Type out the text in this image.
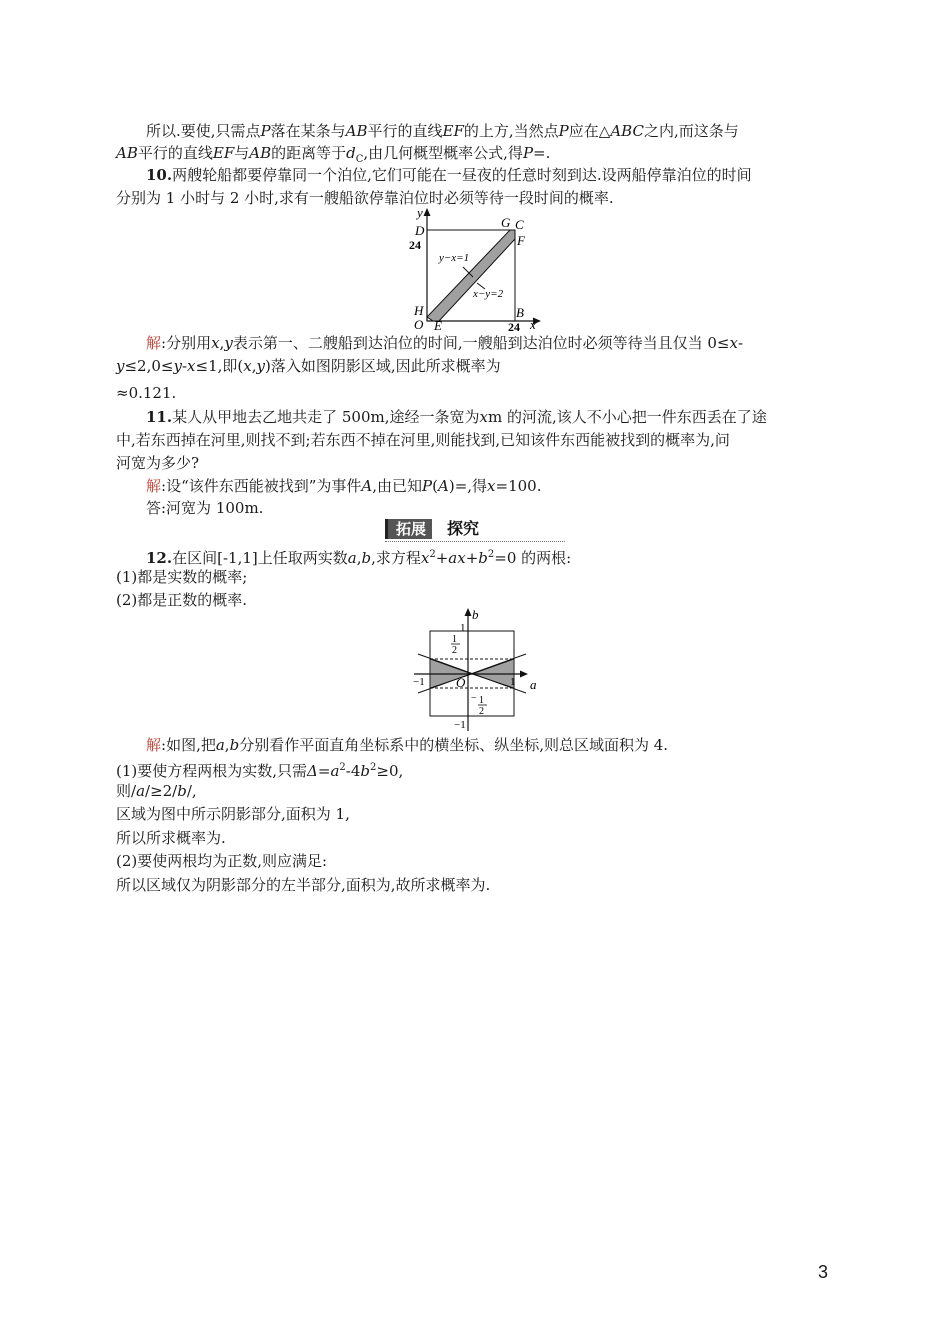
所以.要使,只需点P落在某条与AB平行的直线EF的上方,当然点P应在△ABC之内,而这条与
AB平行的直线EF与AB的距离等于$d_C$,由几何概型概率公式,得P=.
10.两艘轮船都要停靠同一个泊位,它们可能在一昼夜的任意时刻到达.设两船停靠泊位的时间
分别为 1 小时与 2 小时,求有一艘船欲停靠泊位时必须等待一段时间的概率.
y
D
G C
F
24
y−x=1
x−y=2
H
O E
B
24 x
解:分别用x,y表示第一、二艘船到达泊位的时间,一艘船到达泊位时必须等待当且仅当 0≤x-
y≤2,0≤y-x≤1,即(x,y)落入如图阴影区域,因此所求概率为
≈0.121.
11.某人从甲地去乙地共走了 500m,途经一条宽为xm 的河流,该人不小心把一件东西丢在了途
中,若东西掉在河里,则找不到;若东西不掉在河里,则能找到,已知该件东西能被找到的概率为,问
河宽为多少?
解:设“该件东西能被找到”为事件A,由已知P(A)=,得x=100.
答:河宽为 100m.
拓展	探究
12.在区间[-1,1]上任取两实数a,b,求方程$x^2+ax+b^2=0$ 的两根:
(1)都是实数的概率;
(2)都是正数的概率.
b
1
1
2
−1 O	1 a
− 1
2
−1
解:如图,把a,b分别看作平面直角坐标系中的横坐标、纵坐标,则总区域面积为 4.
(1)要使方程两根为实数,只需$\Delta=a^2-4b^2\ge 0$,
则/a/≥2/b/,
区域为图中所示阴影部分,面积为 1,
所以所求概率为.
(2)要使两根均为正数,则应满足:
所以区域仅为阴影部分的左半部分,面积为,故所求概率为.
3
